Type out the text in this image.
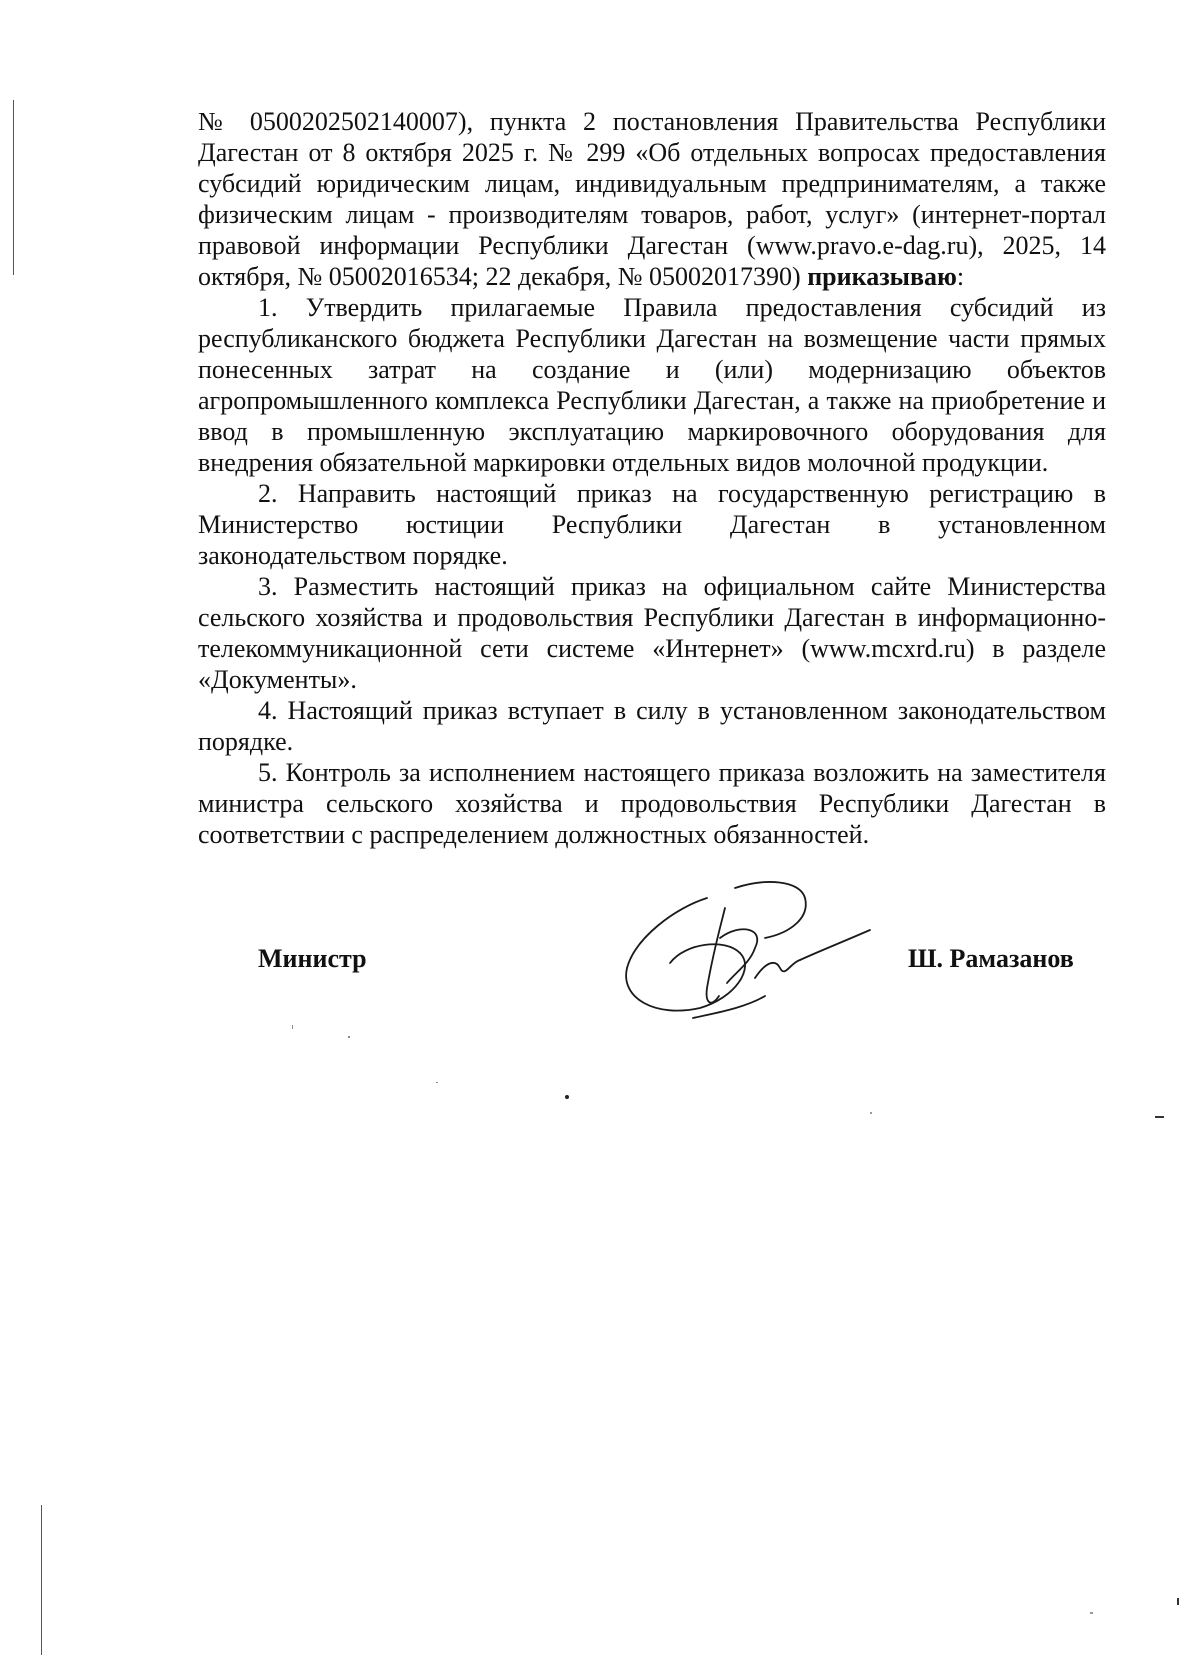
№ 0500202502140007), пункта 2 постановления Правительства Республики Дагестан от 8 октября 2025 г. № 299 «Об отдельных вопросах предоставления субсидий юридическим лицам, индивидуальным предпринимателям, а также физическим лицам - производителям товаров, работ, услуг» (интернет-портал правовой информации Республики Дагестан (www.pravo.e-dag.ru), 2025, 14 октября, № 05002016534; 22 декабря, № 05002017390) приказываю:

1. Утвердить прилагаемые Правила предоставления субсидий из республиканского бюджета Республики Дагестан на возмещение части прямых понесенных затрат на создание и (или) модернизацию объектов агропромышленного комплекса Республики Дагестан, а также на приобретение и ввод в промышленную эксплуатацию маркировочного оборудования для внедрения обязательной маркировки отдельных видов молочной продукции.

2. Направить настоящий приказ на государственную регистрацию в Министерство юстиции Республики Дагестан в установленном законодательством порядке.

3. Разместить настоящий приказ на официальном сайте Министерства сельского хозяйства и продовольствия Республики Дагестан в информационно-телекоммуникационной сети системе «Интернет» (www.mcxrd.ru) в разделе «Документы».

4. Настоящий приказ вступает в силу в установленном законодательством порядке.

5. Контроль за исполнением настоящего приказа возложить на заместителя министра сельского хозяйства и продовольствия Республики Дагестан в соответствии с распределением должностных обязанностей.

Министр	Ш. Рамазанов
